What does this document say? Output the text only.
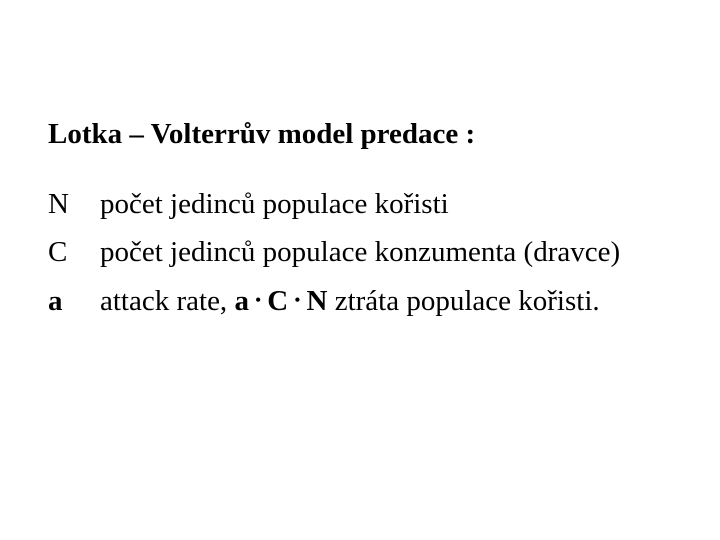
Lotka – Volterrův model predace :

N počet jedinců populace kořisti

C počet jedinců populace konzumenta (dravce)

a attack rate, a • C • N ztráta populace kořisti.
